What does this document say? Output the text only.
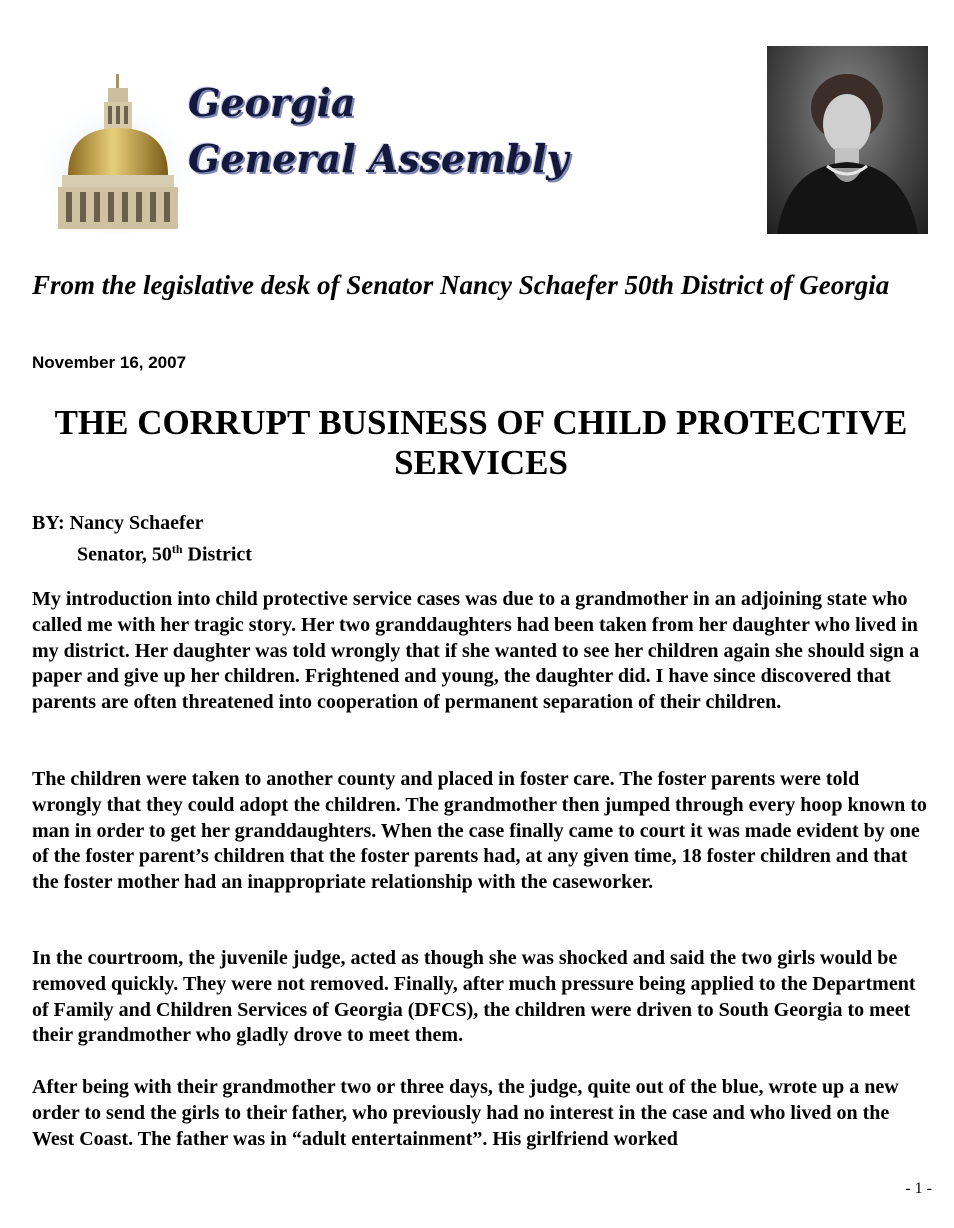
Georgia
General Assembly
From the legislative desk of Senator Nancy Schaefer 50th District of Georgia
November 16, 2007
THE CORRUPT BUSINESS OF CHILD PROTECTIVE SERVICES
BY: Nancy Schaefer
Senator, 50th District
My introduction into child protective service cases was due to a grandmother in an adjoining state who called me with her tragic story. Her two granddaughters had been taken from her daughter who lived in my district. Her daughter was told wrongly that if she wanted to see her children again she should sign a paper and give up her children. Frightened and young, the daughter did. I have since discovered that parents are often threatened into cooperation of permanent separation of their children.
The children were taken to another county and placed in foster care. The foster parents were told wrongly that they could adopt the children. The grandmother then jumped through every hoop known to man in order to get her granddaughters. When the case finally came to court it was made evident by one of the foster parent’s children that the foster parents had, at any given time, 18 foster children and that the foster mother had an inappropriate relationship with the caseworker.
In the courtroom, the juvenile judge, acted as though she was shocked and said the two girls would be removed quickly. They were not removed. Finally, after much pressure being applied to the Department of Family and Children Services of Georgia (DFCS), the children were driven to South Georgia to meet their grandmother who gladly drove to meet them.
After being with their grandmother two or three days, the judge, quite out of the blue, wrote up a new order to send the girls to their father, who previously had no interest in the case and who lived on the West Coast. The father was in “adult entertainment”. His girlfriend worked
- 1 -
